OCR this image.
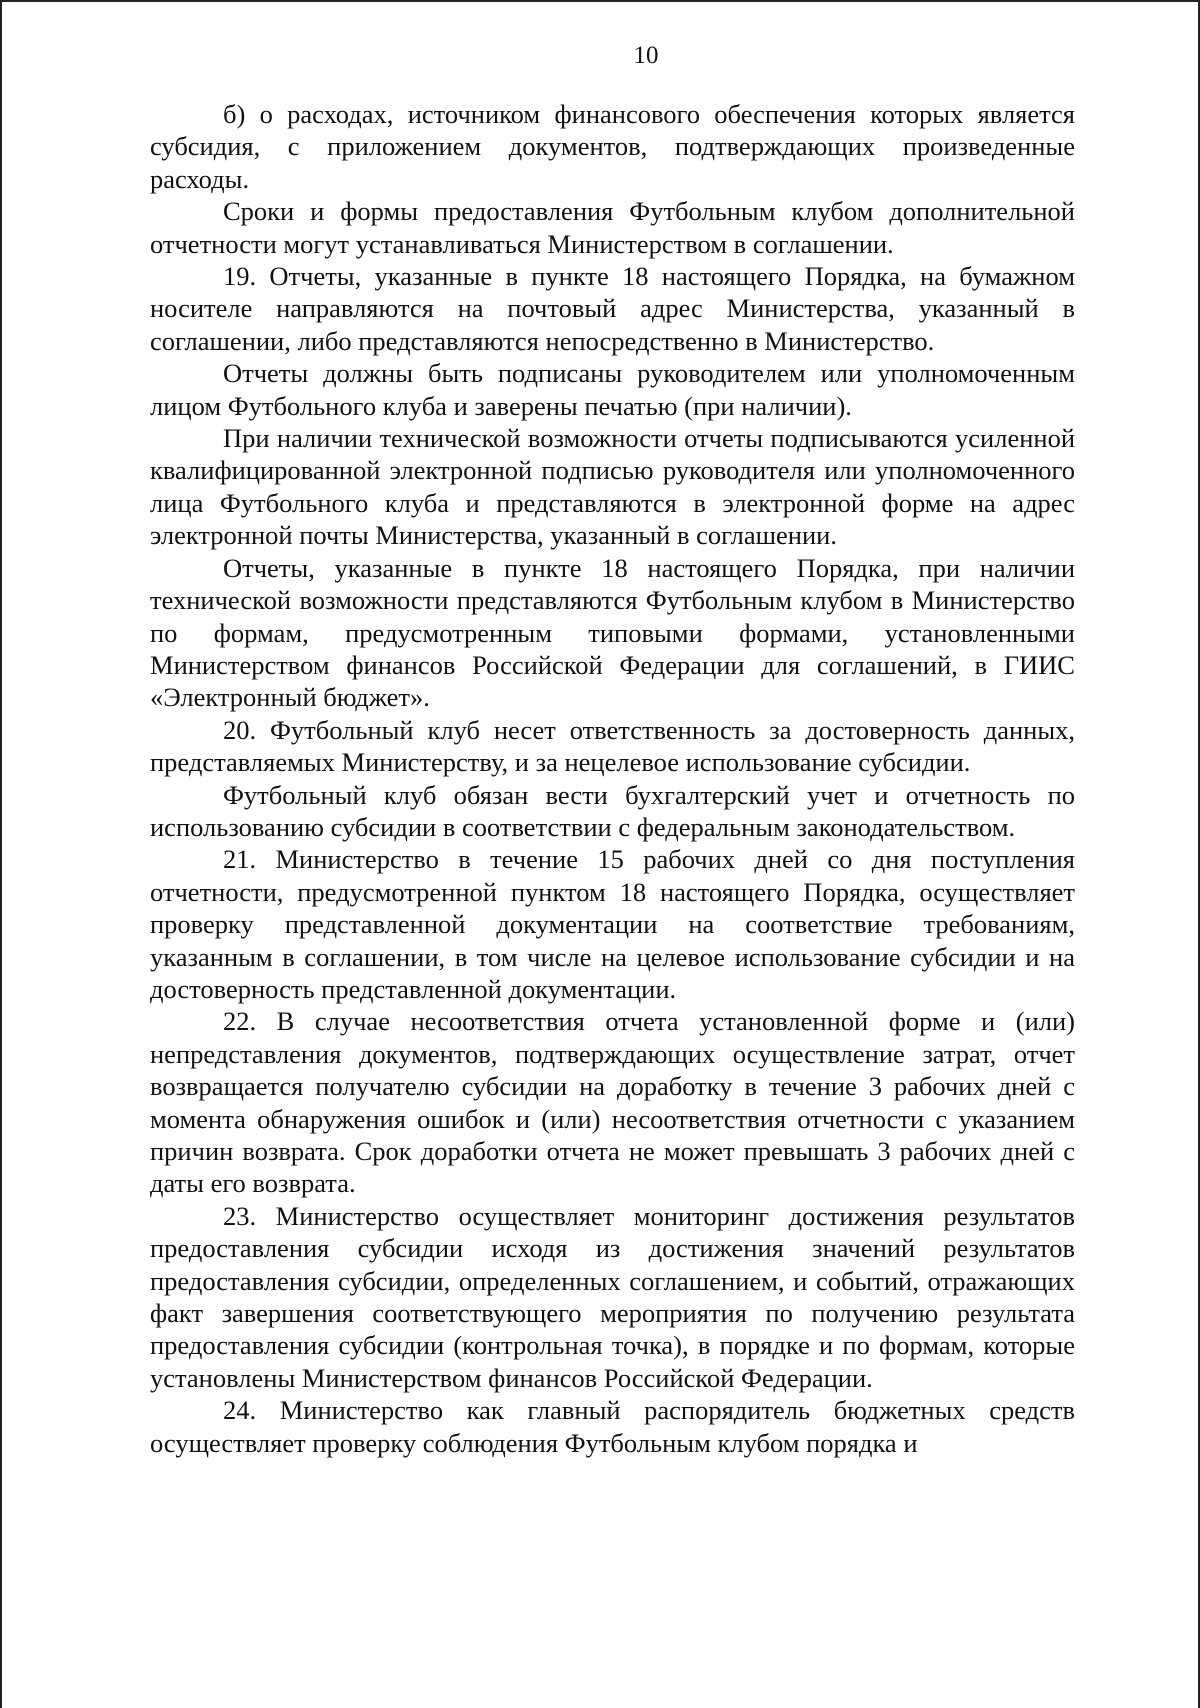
10

б) о расходах, источником финансового обеспечения которых является субсидия, с приложением документов, подтверждающих произведенные расходы.

Сроки и формы предоставления Футбольным клубом дополнительной отчетности могут устанавливаться Министерством в соглашении.

19. Отчеты, указанные в пункте 18 настоящего Порядка, на бумажном носителе направляются на почтовый адрес Министерства, указанный в соглашении, либо представляются непосредственно в Министерство.

Отчеты должны быть подписаны руководителем или уполномоченным лицом Футбольного клуба и заверены печатью (при наличии).

При наличии технической возможности отчеты подписываются усиленной квалифицированной электронной подписью руководителя или уполномоченного лица Футбольного клуба и представляются в электронной форме на адрес электронной почты Министерства, указанный в соглашении.

Отчеты, указанные в пункте 18 настоящего Порядка, при наличии технической возможности представляются Футбольным клубом в Министерство по формам, предусмотренным типовыми формами, установленными Министерством финансов Российской Федерации для соглашений, в ГИИС «Электронный бюджет».

20. Футбольный клуб несет ответственность за достоверность данных, представляемых Министерству, и за нецелевое использование субсидии.

Футбольный клуб обязан вести бухгалтерский учет и отчетность по использованию субсидии в соответствии с федеральным законодательством.

21. Министерство в течение 15 рабочих дней со дня поступления отчетности, предусмотренной пунктом 18 настоящего Порядка, осуществляет проверку представленной документации на соответствие требованиям, указанным в соглашении, в том числе на целевое использование субсидии и на достоверность представленной документации.

22. В случае несоответствия отчета установленной форме и (или) непредставления документов, подтверждающих осуществление затрат, отчет возвращается получателю субсидии на доработку в течение 3 рабочих дней с момента обнаружения ошибок и (или) несоответствия отчетности с указанием причин возврата. Срок доработки отчета не может превышать 3 рабочих дней с даты его возврата.

23. Министерство осуществляет мониторинг достижения результатов предоставления субсидии исходя из достижения значений результатов предоставления субсидии, определенных соглашением, и событий, отражающих факт завершения соответствующего мероприятия по получению результата предоставления субсидии (контрольная точка), в порядке и по формам, которые установлены Министерством финансов Российской Федерации.

24. Министерство как главный распорядитель бюджетных средств осуществляет проверку соблюдения Футбольным клубом порядка и
